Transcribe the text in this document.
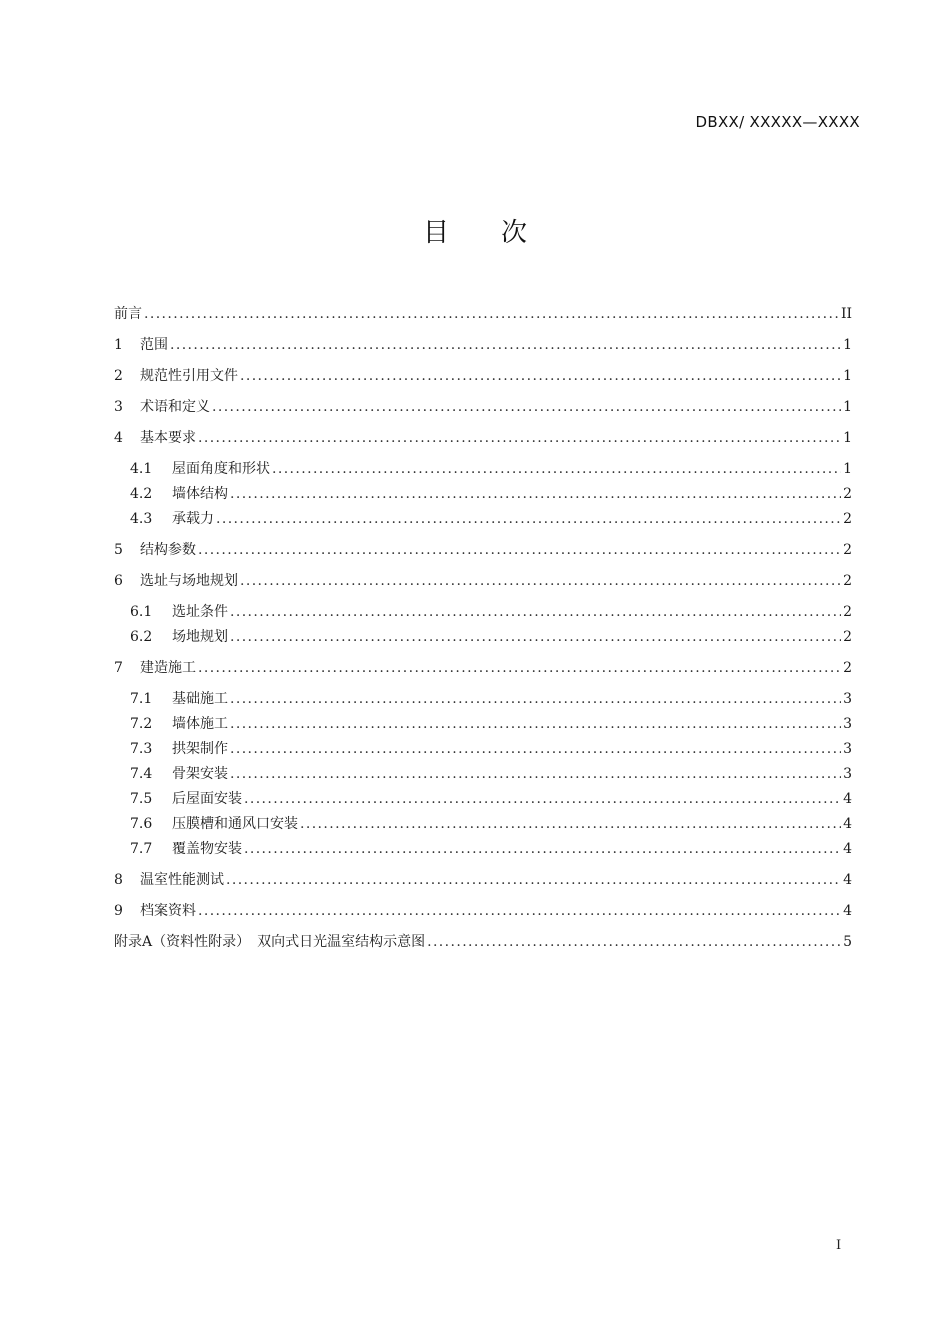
DBXX/ XXXXX—XXXX
目次
前言 .....	II
1	范围 .....	1
2	规范性引用文件 .....	1
3	术语和定义 .....	1
4	基本要求 .....	1
4.1	屋面角度和形状 .....	1
4.2	墙体结构 .....	2
4.3	承载力 .....	2
5	结构参数 .....	2
6	选址与场地规划 .....	2
6.1	选址条件 .....	2
6.2	场地规划 .....	2
7	建造施工 .....	2
7.1	基础施工 .....	3
7.2	墙体施工 .....	3
7.3	拱架制作 .....	3
7.4	骨架安装 .....	3
7.5	后屋面安装 .....	4
7.6	压膜槽和通风口安装 .....	4
7.7	覆盖物安装 .....	4
8	温室性能测试 .....	4
9	档案资料 .....	4
附录A（资料性附录）　双向式日光温室结构示意图 .....	5
I
